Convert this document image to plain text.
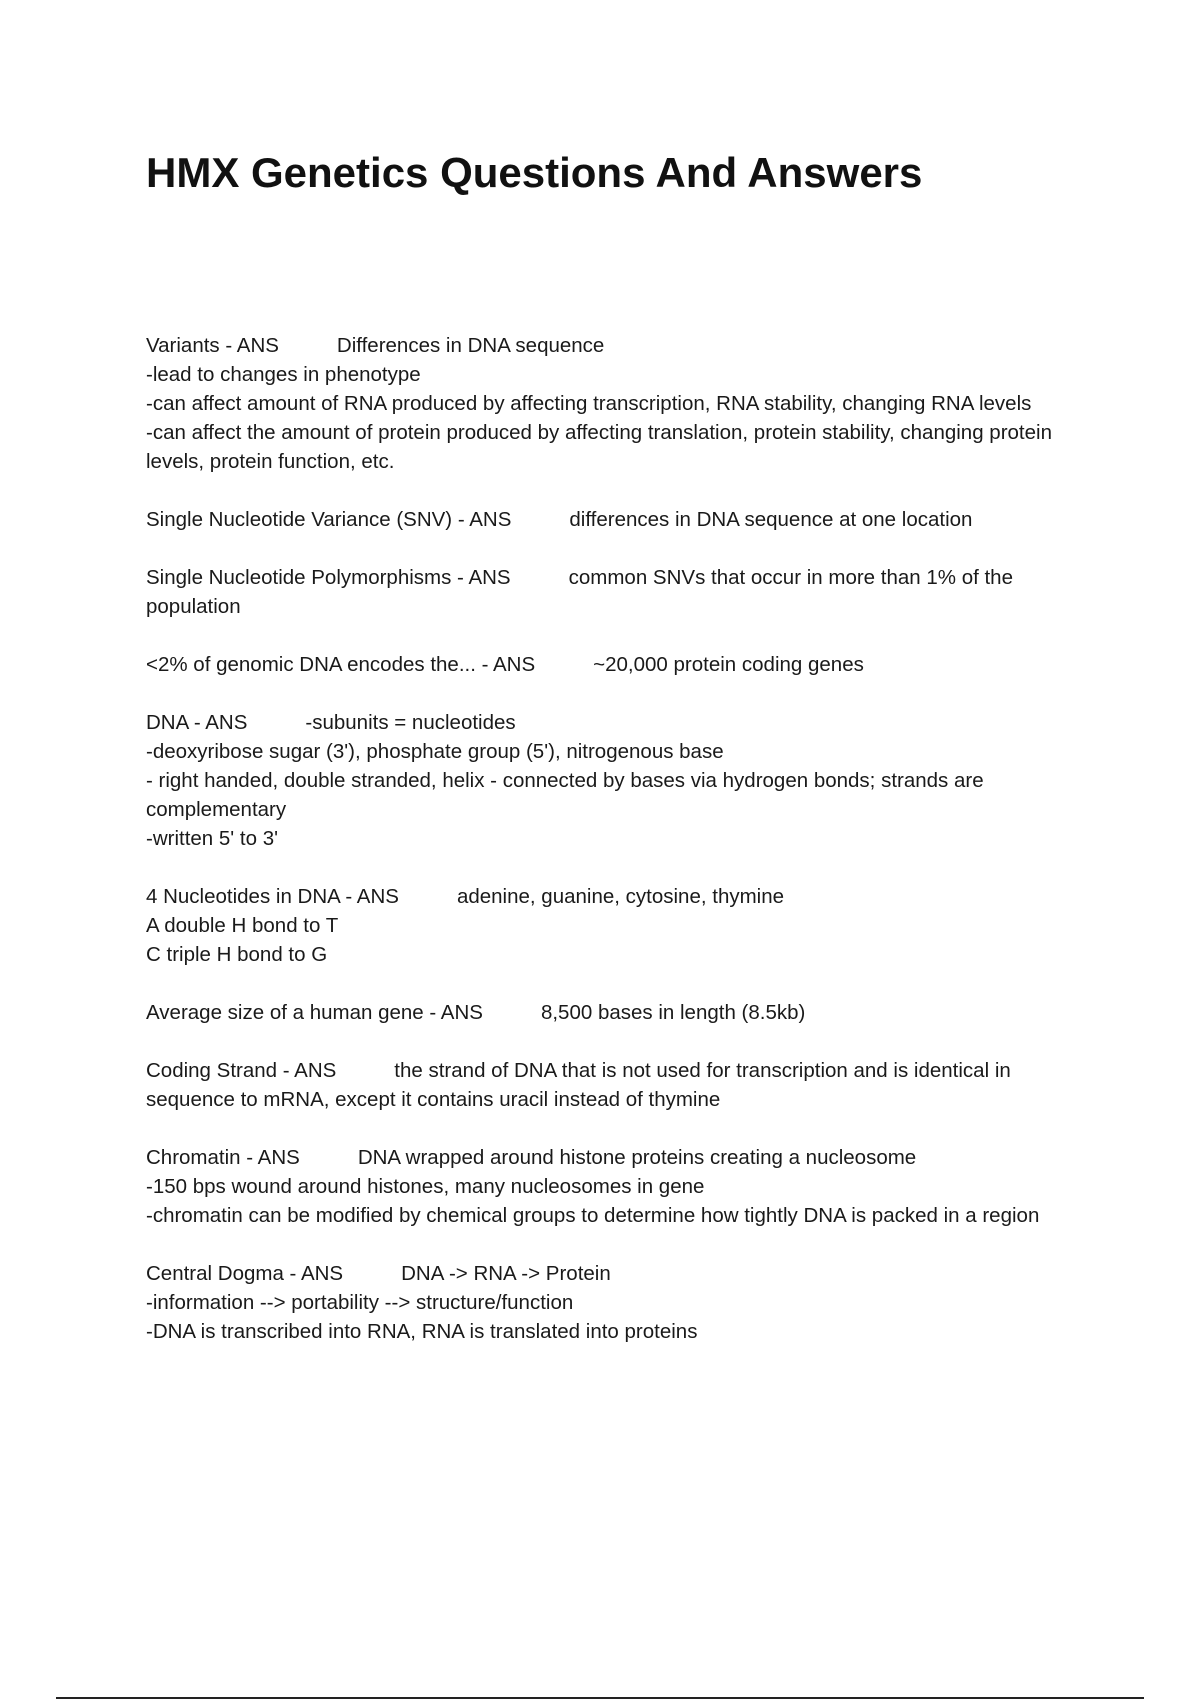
HMX Genetics Questions And Answers
Variants - ANS	Differences in DNA sequence
-lead to changes in phenotype
-can affect amount of RNA produced by affecting transcription, RNA stability, changing RNA levels
-can affect the amount of protein produced by affecting translation, protein stability, changing protein levels, protein function, etc.
Single Nucleotide Variance (SNV) - ANS	differences in DNA sequence at one location
Single Nucleotide Polymorphisms - ANS	common SNVs that occur in more than 1% of the population
<2% of genomic DNA encodes the... - ANS	~20,000 protein coding genes
DNA - ANS	-subunits = nucleotides
-deoxyribose sugar (3'), phosphate group (5'), nitrogenous base
- right handed, double stranded, helix - connected by bases via hydrogen bonds; strands are complementary
-written 5' to 3'
4 Nucleotides in DNA - ANS	adenine, guanine, cytosine, thymine
A double H bond to T
C triple H bond to G
Average size of a human gene - ANS	8,500 bases in length (8.5kb)
Coding Strand - ANS	the strand of DNA that is not used for transcription and is identical in sequence to mRNA, except it contains uracil instead of thymine
Chromatin - ANS	DNA wrapped around histone proteins creating a nucleosome
-150 bps wound around histones, many nucleosomes in gene
-chromatin can be modified by chemical groups to determine how tightly DNA is packed in a region
Central Dogma - ANS	DNA -> RNA -> Protein
-information --> portability --> structure/function
-DNA is transcribed into RNA, RNA is translated into proteins
